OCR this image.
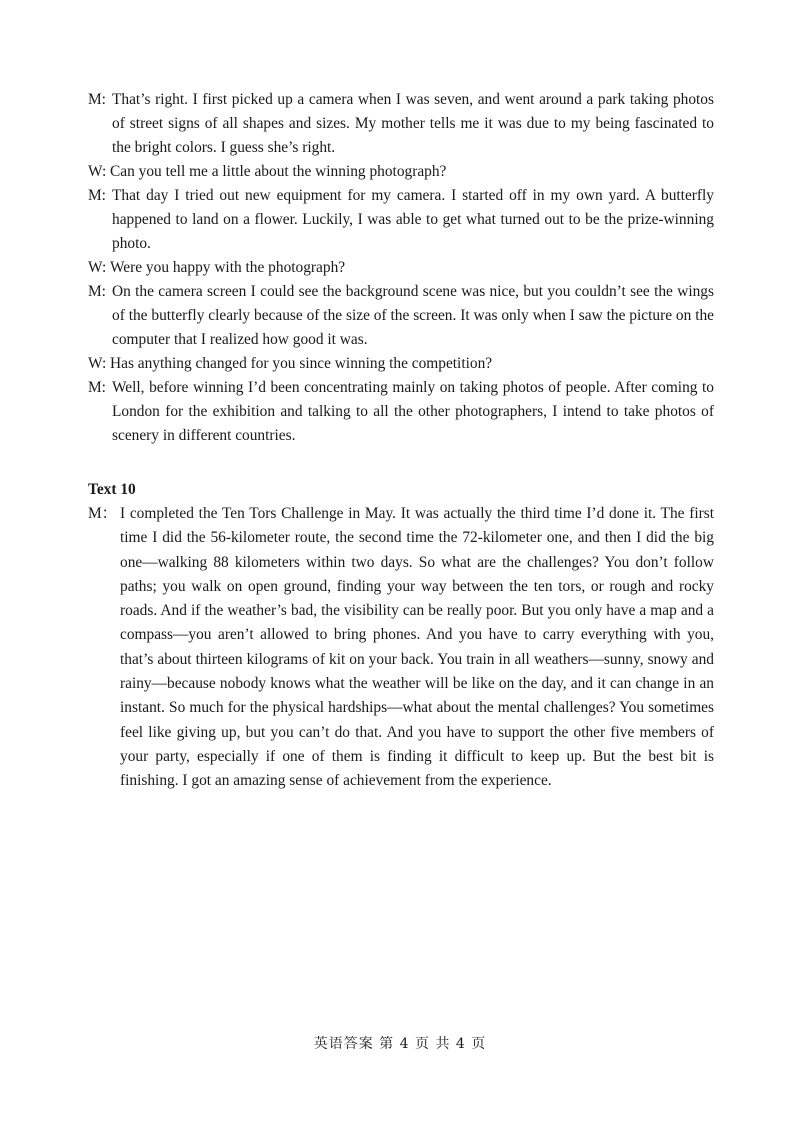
M: That’s right. I first picked up a camera when I was seven, and went around a park taking photos of street signs of all shapes and sizes. My mother tells me it was due to my being fascinated to the bright colors. I guess she’s right.
W: Can you tell me a little about the winning photograph?
M: That day I tried out new equipment for my camera. I started off in my own yard. A butterfly happened to land on a flower. Luckily, I was able to get what turned out to be the prize-winning photo.
W: Were you happy with the photograph?
M: On the camera screen I could see the background scene was nice, but you couldn’t see the wings of the butterfly clearly because of the size of the screen. It was only when I saw the picture on the computer that I realized how good it was.
W: Has anything changed for you since winning the competition?
M: Well, before winning I’d been concentrating mainly on taking photos of people. After coming to London for the exhibition and talking to all the other photographers, I intend to take photos of scenery in different countries.

Text 10

M： I completed the Ten Tors Challenge in May. It was actually the third time I’d done it. The first time I did the 56-kilometer route, the second time the 72-kilometer one, and then I did the big one—walking 88 kilometers within two days. So what are the challenges? You don’t follow paths; you walk on open ground, finding your way between the ten tors, or rough and rocky roads. And if the weather’s bad, the visibility can be really poor. But you only have a map and a compass—you aren’t allowed to bring phones. And you have to carry everything with you, that’s about thirteen kilograms of kit on your back. You train in all weathers—sunny, snowy and rainy—because nobody knows what the weather will be like on the day, and it can change in an instant. So much for the physical hardships—what about the mental challenges? You sometimes feel like giving up, but you can’t do that. And you have to support the other five members of your party, especially if one of them is finding it difficult to keep up. But the best bit is finishing. I got an amazing sense of achievement from the experience.
英语答案 第 4 页 共 4 页
